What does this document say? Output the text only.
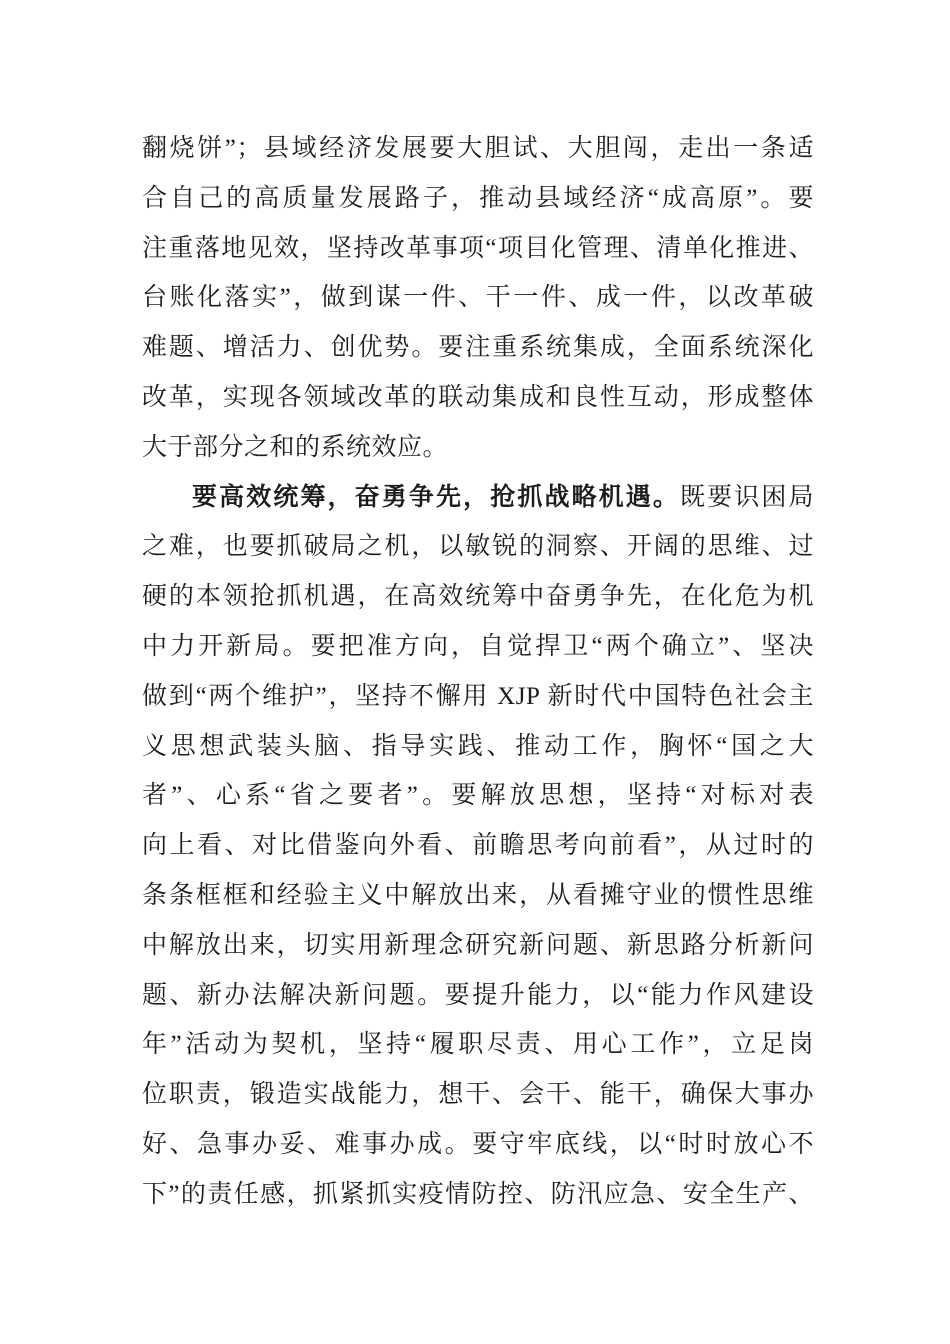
翻烧饼”；县域经济发展要大胆试、大胆闯，走出一条适
合自己的高质量发展路子，推动县域经济“成高原”。要
注重落地见效，坚持改革事项“项目化管理、清单化推进、
台账化落实”，做到谋一件、干一件、成一件，以改革破
难题、增活力、创优势。要注重系统集成，全面系统深化
改革，实现各领域改革的联动集成和良性互动，形成整体
大于部分之和的系统效应。
要高效统筹，奋勇争先，抢抓战略机遇。既要识困局
之难，也要抓破局之机，以敏锐的洞察、开阔的思维、过
硬的本领抢抓机遇，在高效统筹中奋勇争先，在化危为机
中力开新局。要把准方向，自觉捍卫“两个确立”、坚决
做到“两个维护”，坚持不懈用 XJP 新时代中国特色社会主
义思想武装头脑、指导实践、推动工作，胸怀“国之大
者”、心系“省之要者”。要解放思想，坚持“对标对表
向上看、对比借鉴向外看、前瞻思考向前看”，从过时的
条条框框和经验主义中解放出来，从看摊守业的惯性思维
中解放出来，切实用新理念研究新问题、新思路分析新问
题、新办法解决新问题。要提升能力，以“能力作风建设
年”活动为契机，坚持“履职尽责、用心工作”，立足岗
位职责，锻造实战能力，想干、会干、能干，确保大事办
好、急事办妥、难事办成。要守牢底线，以“时时放心不
下”的责任感，抓紧抓实疫情防控、防汛应急、安全生产、
